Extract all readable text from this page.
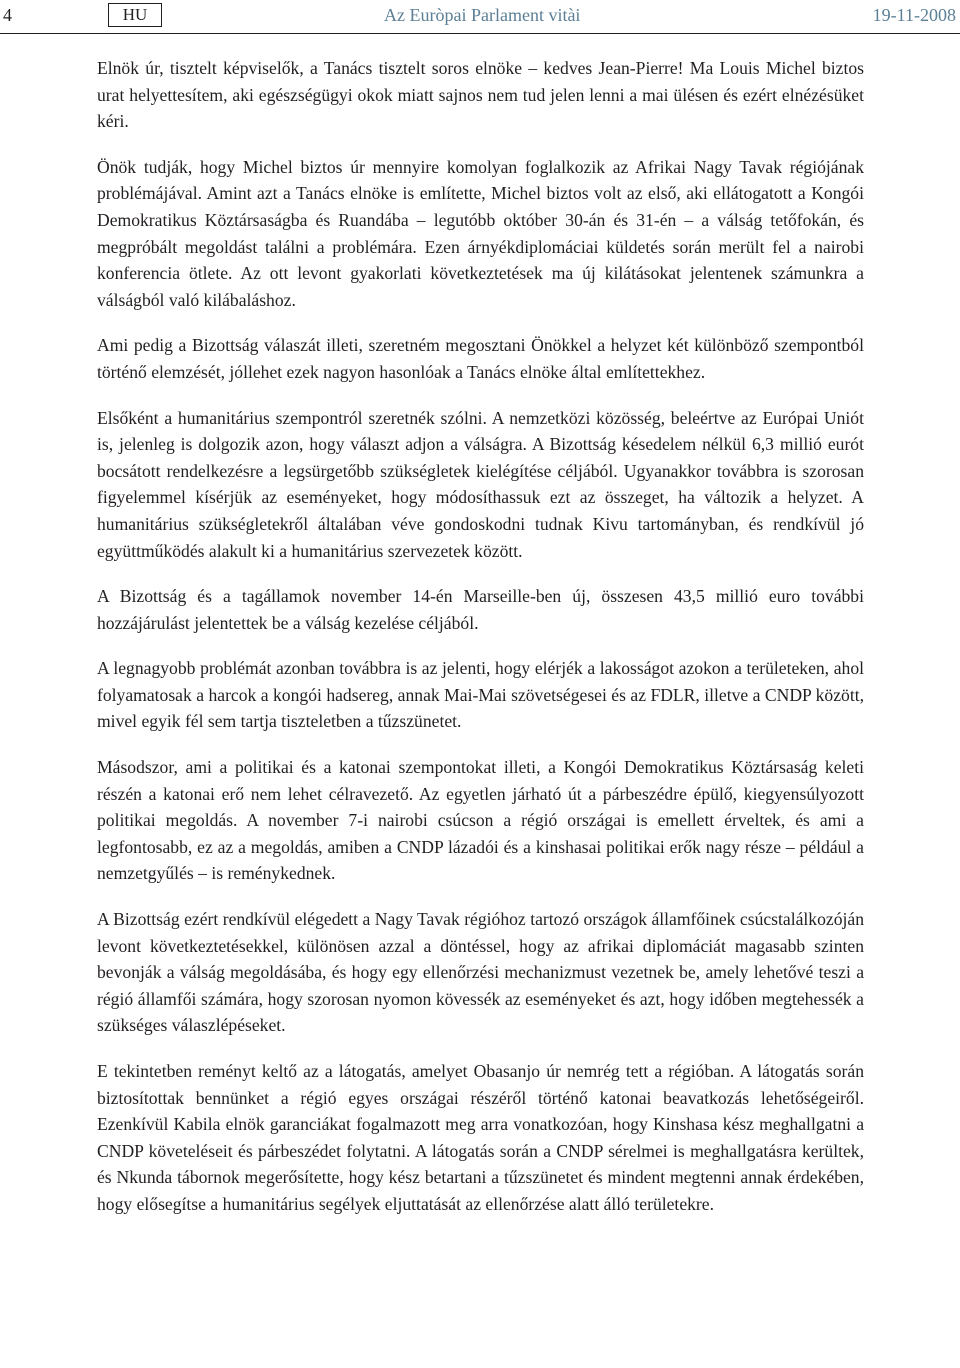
4	HU	Az Euròpai Parlament vitài	19-11-2008

Elnök úr, tisztelt képviselők, a Tanács tisztelt soros elnöke – kedves Jean-Pierre! Ma Louis Michel biztos urat helyettesítem, aki egészségügyi okok miatt sajnos nem tud jelen lenni a mai ülésen és ezért elnézésüket kéri.

Önök tudják, hogy Michel biztos úr mennyire komolyan foglalkozik az Afrikai Nagy Tavak régiójának problémájával. Amint azt a Tanács elnöke is említette, Michel biztos volt az első, aki ellátogatott a Kongói Demokratikus Köztársaságba és Ruandába – legutóbb október 30-án és 31-én – a válság tetőfokán, és megpróbált megoldást találni a problémára. Ezen árnyékdiplomáciai küldetés során merült fel a nairobi konferencia ötlete. Az ott levont gyakorlati következtetések ma új kilátásokat jelentenek számunkra a válságból való kilábaláshoz.

Ami pedig a Bizottság válaszát illeti, szeretném megosztani Önökkel a helyzet két különböző szempontból történő elemzését, jóllehet ezek nagyon hasonlóak a Tanács elnöke által említettekhez.

Elsőként a humanitárius szempontról szeretnék szólni. A nemzetközi közösség, beleértve az Európai Uniót is, jelenleg is dolgozik azon, hogy választ adjon a válságra. A Bizottság késedelem nélkül 6,3 millió eurót bocsátott rendelkezésre a legsürgetőbb szükségletek kielégítése céljából. Ugyanakkor továbbra is szorosan figyelemmel kísérjük az eseményeket, hogy módosíthassuk ezt az összeget, ha változik a helyzet. A humanitárius szükségletekről általában véve gondoskodni tudnak Kivu tartományban, és rendkívül jó együttműködés alakult ki a humanitárius szervezetek között.

A Bizottság és a tagállamok november 14-én Marseille-ben új, összesen 43,5 millió euro további hozzájárulást jelentettek be a válság kezelése céljából.

A legnagyobb problémát azonban továbbra is az jelenti, hogy elérjék a lakosságot azokon a területeken, ahol folyamatosak a harcok a kongói hadsereg, annak Mai-Mai szövetségesei és az FDLR, illetve a CNDP között, mivel egyik fél sem tartja tiszteletben a tűzszünetet.

Másodszor, ami a politikai és a katonai szempontokat illeti, a Kongói Demokratikus Köztársaság keleti részén a katonai erő nem lehet célravezető. Az egyetlen járható út a párbeszédre épülő, kiegyensúlyozott politikai megoldás. A november 7-i nairobi csúcson a régió országai is emellett érveltek, és ami a legfontosabb, ez az a megoldás, amiben a CNDP lázadói és a kinshasai politikai erők nagy része – például a nemzetgyűlés – is reménykednek.

A Bizottság ezért rendkívül elégedett a Nagy Tavak régióhoz tartozó országok államfőinek csúcstalálkozóján levont következtetésekkel, különösen azzal a döntéssel, hogy az afrikai diplomáciát magasabb szinten bevonják a válság megoldásába, és hogy egy ellenőrzési mechanizmust vezetnek be, amely lehetővé teszi a régió államfői számára, hogy szorosan nyomon kövessék az eseményeket és azt, hogy időben megtehessék a szükséges válaszlépéseket.

E tekintetben reményt keltő az a látogatás, amelyet Obasanjo úr nemrég tett a régióban. A látogatás során biztosítottak bennünket a régió egyes országai részéről történő katonai beavatkozás lehetőségeiről. Ezenkívül Kabila elnök garanciákat fogalmazott meg arra vonatkozóan, hogy Kinshasa kész meghallgatni a CNDP követeléseit és párbeszédet folytatni. A látogatás során a CNDP sérelmei is meghallgatásra kerültek, és Nkunda tábornok megerősítette, hogy kész betartani a tűzszünetet és mindent megtenni annak érdekében, hogy elősegítse a humanitárius segélyek eljuttatását az ellenőrzése alatt álló területekre.
